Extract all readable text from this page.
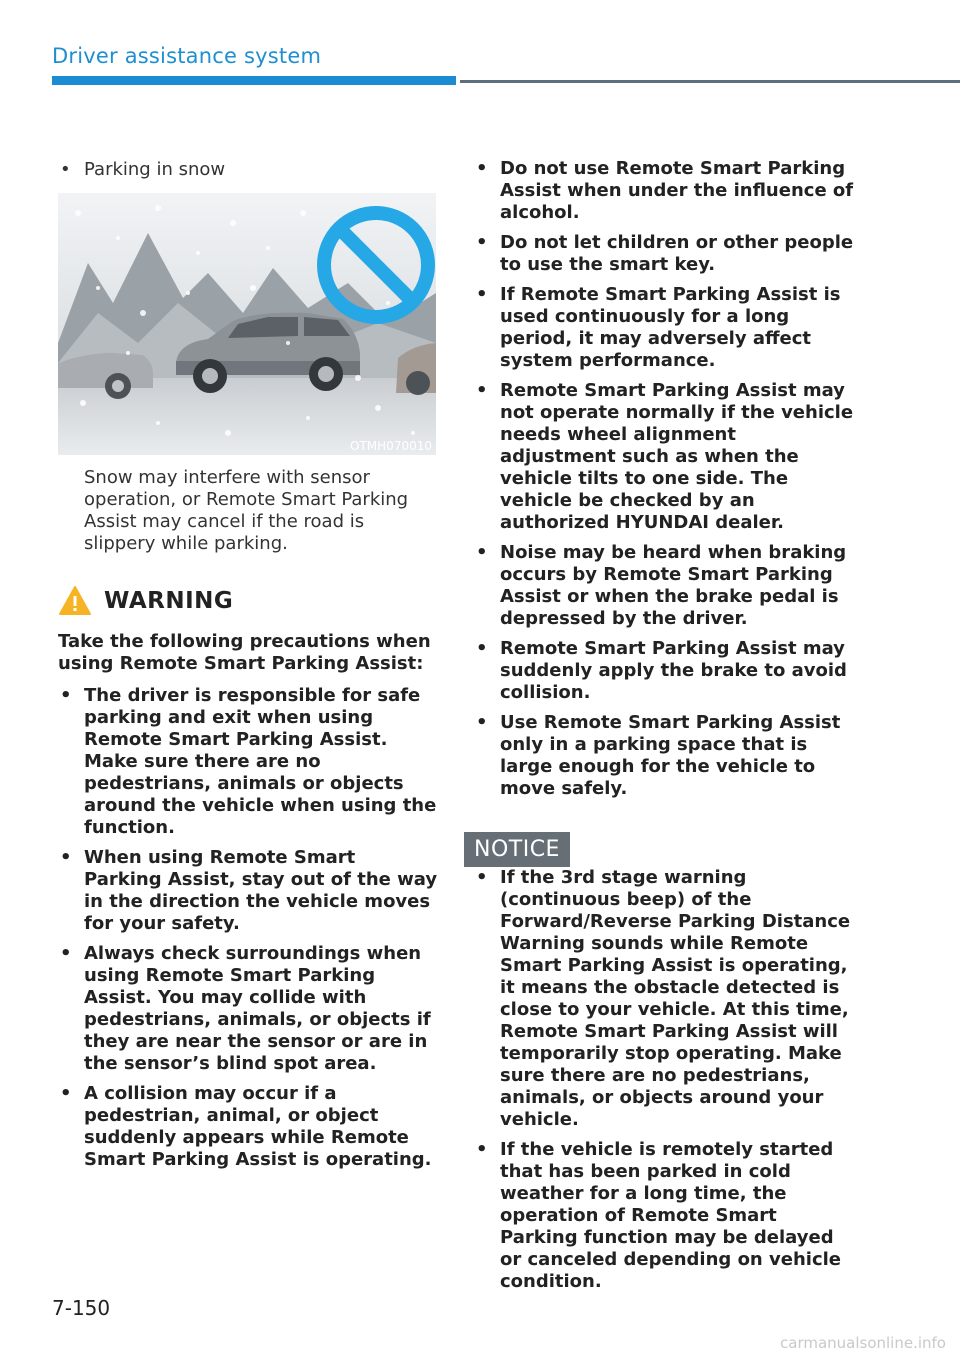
Driver assistance system
• Parking in snow
OTMH070010
Snow may interfere with sensor operation, or Remote Smart Parking Assist may cancel if the road is slippery while parking.
WARNING
Take the following precautions when using Remote Smart Parking Assist:
• The driver is responsible for safe parking and exit when using Remote Smart Parking Assist. Make sure there are no pedestrians, animals or objects around the vehicle when using the function.
• When using Remote Smart Parking Assist, stay out of the way in the direction the vehicle moves for your safety.
• Always check surroundings when using Remote Smart Parking Assist. You may collide with pedestrians, animals, or objects if they are near the sensor or are in the sensor’s blind spot area.
• A collision may occur if a pedestrian, animal, or object suddenly appears while Remote Smart Parking Assist is operating.
• Do not use Remote Smart Parking Assist when under the influence of alcohol.
• Do not let children or other people to use the smart key.
• If Remote Smart Parking Assist is used continuously for a long period, it may adversely affect system performance.
• Remote Smart Parking Assist may not operate normally if the vehicle needs wheel alignment adjustment such as when the vehicle tilts to one side. The vehicle be checked by an authorized HYUNDAI dealer.
• Noise may be heard when braking occurs by Remote Smart Parking Assist or when the brake pedal is depressed by the driver.
• Remote Smart Parking Assist may suddenly apply the brake to avoid collision.
• Use Remote Smart Parking Assist only in a parking space that is large enough for the vehicle to move safely.
NOTICE
• If the 3rd stage warning (continuous beep) of the Forward/Reverse Parking Distance Warning sounds while Remote Smart Parking Assist is operating, it means the obstacle detected is close to your vehicle. At this time, Remote Smart Parking Assist will temporarily stop operating. Make sure there are no pedestrians, animals, or objects around your vehicle.
• If the vehicle is remotely started that has been parked in cold weather for a long time, the operation of Remote Smart Parking function may be delayed or canceled depending on vehicle condition.
7-150
carmanualsonline.info
